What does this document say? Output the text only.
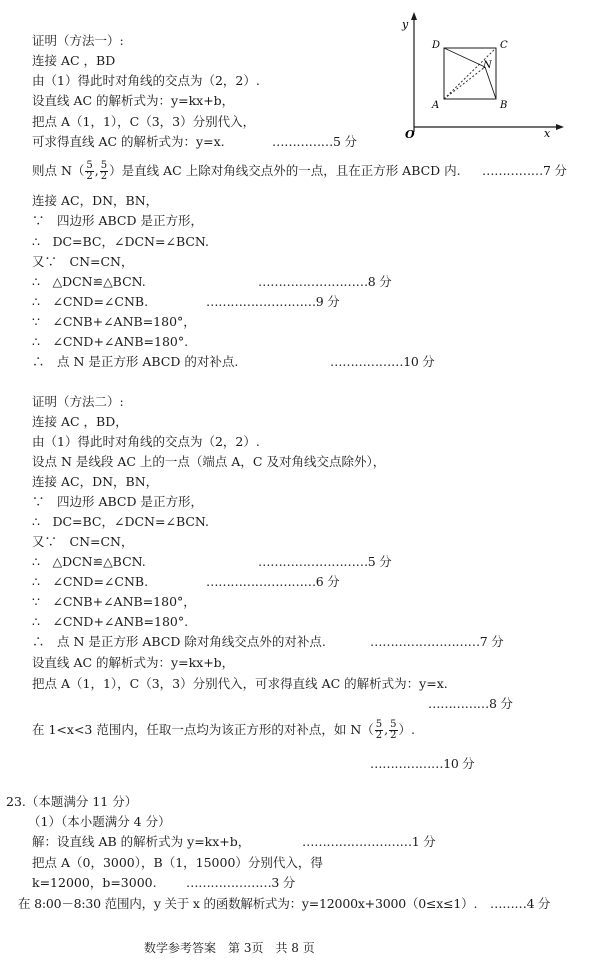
y
x
O
A	B
C
D
N
证明（方法一）:
连接 AC ，BD
由（1）得此时对角线的交点为（2，2）.
设直线 AC 的解析式为：y=kx+b，
把点 A（1，1），C（3，3）分别代入，
可求得直线 AC 的解析式为：y=x.	……………5 分
则点 $N( \frac{5}{2}$ , $\frac{5}{2}$ ）是直线 AC 上除对角线交点外的一点，且在正方形 ABCD 内. ……………7 分
连接 AC，DN，BN，
∵　四边形 ABCD 是正方形，
∴　DC=BC，∠DCN=∠BCN.
又∵　CN=CN，
∴　△DCN≌△BCN.	………………………8 分
∴　∠CND=∠CNB.	………………………9 分
∵　∠CNB+∠ANB=180°，
∴　∠CND+∠ANB=180°.
∴　点 N 是正方形 ABCD 的对补点.	………………10 分
证明（方法二）:
连接 AC ，BD，
由（1）得此时对角线的交点为（2，2）.
设点 N 是线段 AC 上的一点（端点 A，C 及对角线交点除外），
连接 AC，DN，BN，
∵　四边形 ABCD 是正方形，
∴　DC=BC，∠DCN=∠BCN.
又∵　CN=CN，
∴　△DCN≌△BCN.	………………………5 分
∴　∠CND=∠CNB.	………………………6 分
∵　∠CNB+∠ANB=180°，
∴　∠CND+∠ANB=180°.
∴　点 N 是正方形 ABCD 除对角线交点外的对补点.	………………………7 分
设直线 AC 的解析式为：y=kx+b，
把点 A（1，1），C（3，3）分别代入，可求得直线 AC 的解析式为：y=x.
……………8 分
在 1<x<3 范围内，任取一点均为该正方形的对补点，如 $N( \frac{5}{2}$ , $\frac{5}{2}$ ）.
………………10 分
23.（本题满分 11 分）
（1）（本小题满分 4 分）
解：设直线 AB 的解析式为 y=kx+b，	………………………1 分
把点 A（0，3000），B（1，15000）分别代入，得
k=12000，b=3000. …………………3 分
在 8:00－8:30 范围内，y 关于 x 的函数解析式为：y=12000x+3000（0≤x≤1）. ………4 分
数学参考答案　第 3页　共 8 页
